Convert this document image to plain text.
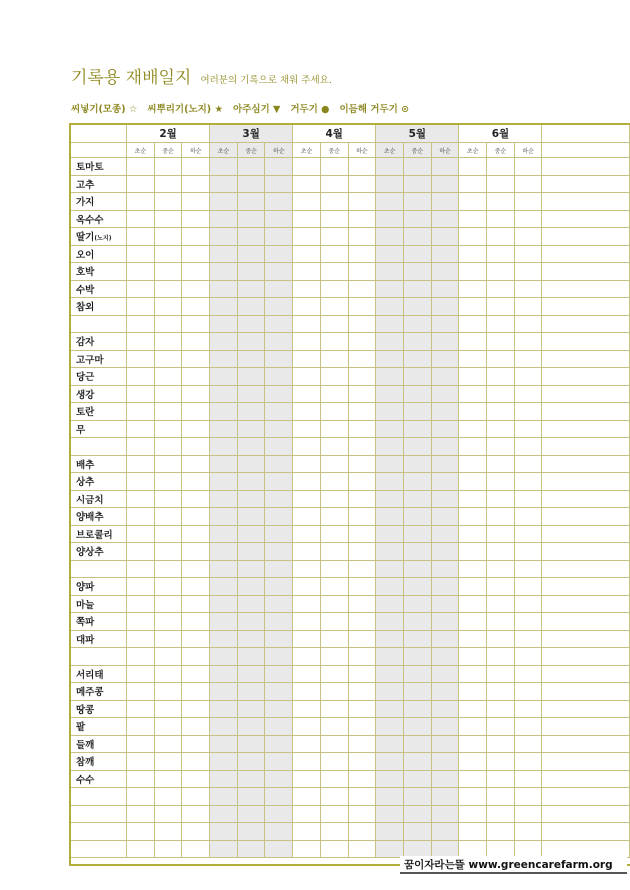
기록용 재배일지 여러분의 기록으로 채워 주세요.
씨넣기(모종) ☆ 씨뿌리기(노지) ★ 아주심기 ▼ 거두기 ● 이듬해 거두기 ⊙
	2월			3월			4월			5월			6월			
	초순	중순	하순	초순	중순	하순	초순	중순	하순	초순	중순	하순	초순	중순	하순	
토마토																
고추																
가지																
옥수수																
딸기(노지)																
오이																
호박																
수박																
참외																

감자																
고구마																
당근																
생강																
토란																
무																

배추																
상추																
시금치																
양배추																
브로콜리																
양상추																

양파																
마늘																
쪽파																
대파																

서리태																
메주콩																
땅콩																
팥																
들깨																
참깨																
수수																

꿈이자라는뜰 www.greencarefarm.org
